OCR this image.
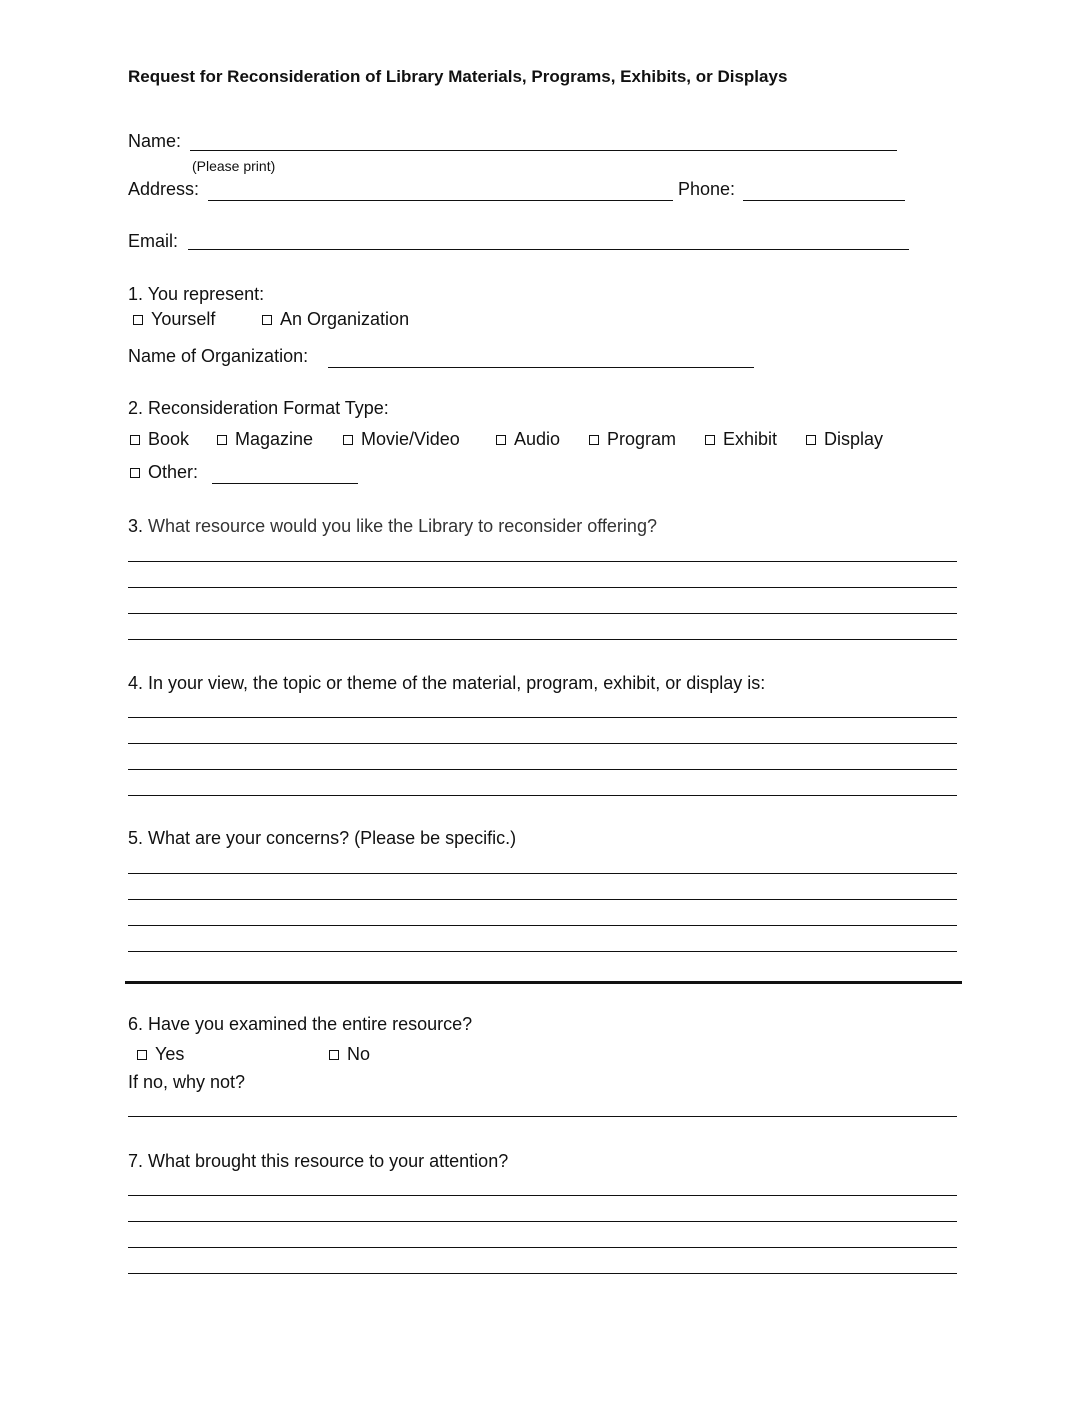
Request for Reconsideration of Library Materials, Programs, Exhibits, or Displays
Name:
(Please print)
Address:	Phone:
Email:
1. You represent:
Yourself	An Organization
Name of Organization:
2. Reconsideration Format Type:
Book	Magazine	Movie/Video	Audio	Program	Exhibit	Display
Other:
3. What resource would you like the Library to reconsider offering?
4. In your view, the topic or theme of the material, program, exhibit, or display is:
5. What are your concerns? (Please be specific.)
6. Have you examined the entire resource?
Yes	No
If no, why not?
7. What brought this resource to your attention?
